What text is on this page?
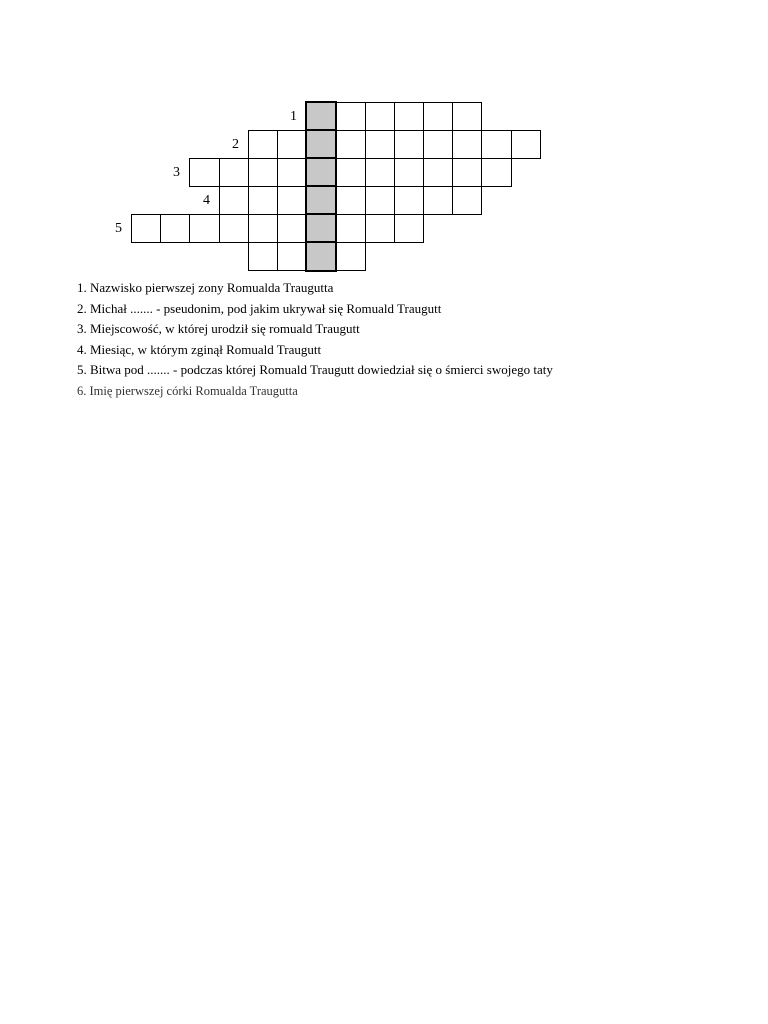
1
2
3
4
5
1. Nazwisko pierwszej zony Romualda Traugutta
2. Michał ....... - pseudonim, pod jakim ukrywał się Romuald Traugutt
3. Miejscowość, w której urodził się romuald Traugutt
4. Miesiąc, w którym zginął Romuald Traugutt
5. Bitwa pod ....... - podczas której Romuald Traugutt dowiedział się o śmierci swojego taty
6. Imię pierwszej córki Romualda Traugutta
